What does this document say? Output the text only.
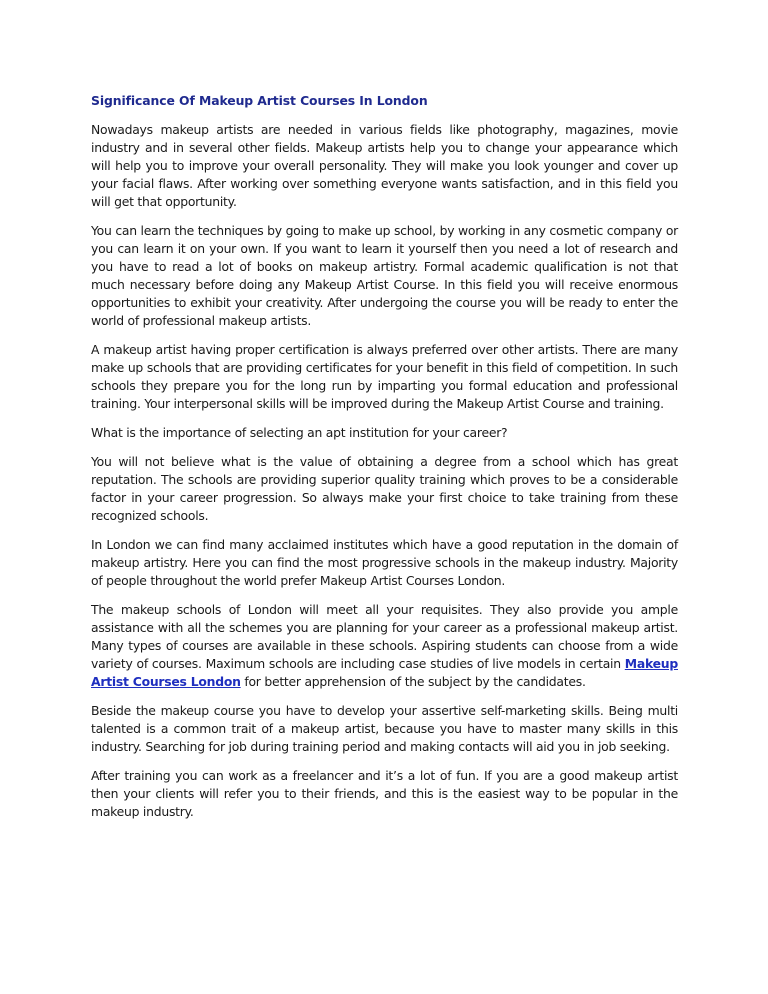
Significance Of Makeup Artist Courses In London

Nowadays makeup artists are needed in various fields like photography, magazines, movie industry and in several other fields. Makeup artists help you to change your appearance which will help you to improve your overall personality. They will make you look younger and cover up your facial flaws. After working over something everyone wants satisfaction, and in this field you will get that opportunity.

You can learn the techniques by going to make up school, by working in any cosmetic company or you can learn it on your own. If you want to learn it yourself then you need a lot of research and you have to read a lot of books on makeup artistry. Formal academic qualification is not that much necessary before doing any Makeup Artist Course. In this field you will receive enormous opportunities to exhibit your creativity. After undergoing the course you will be ready to enter the world of professional makeup artists.

A makeup artist having proper certification is always preferred over other artists. There are many make up schools that are providing certificates for your benefit in this field of competition. In such schools they prepare you for the long run by imparting you formal education and professional training. Your interpersonal skills will be improved during the Makeup Artist Course and training.

What is the importance of selecting an apt institution for your career?

You will not believe what is the value of obtaining a degree from a school which has great reputation. The schools are providing superior quality training which proves to be a considerable factor in your career progression. So always make your first choice to take training from these recognized schools.

In London we can find many acclaimed institutes which have a good reputation in the domain of makeup artistry. Here you can find the most progressive schools in the makeup industry. Majority of people throughout the world prefer Makeup Artist Courses London.

The makeup schools of London will meet all your requisites. They also provide you ample assistance with all the schemes you are planning for your career as a professional makeup artist. Many types of courses are available in these schools. Aspiring students can choose from a wide variety of courses. Maximum schools are including case studies of live models in certain Makeup Artist Courses London for better apprehension of the subject by the candidates.

Beside the makeup course you have to develop your assertive self-marketing skills. Being multi talented is a common trait of a makeup artist, because you have to master many skills in this industry. Searching for job during training period and making contacts will aid you in job seeking.

After training you can work as a freelancer and it’s a lot of fun. If you are a good makeup artist then your clients will refer you to their friends, and this is the easiest way to be popular in the makeup industry.
